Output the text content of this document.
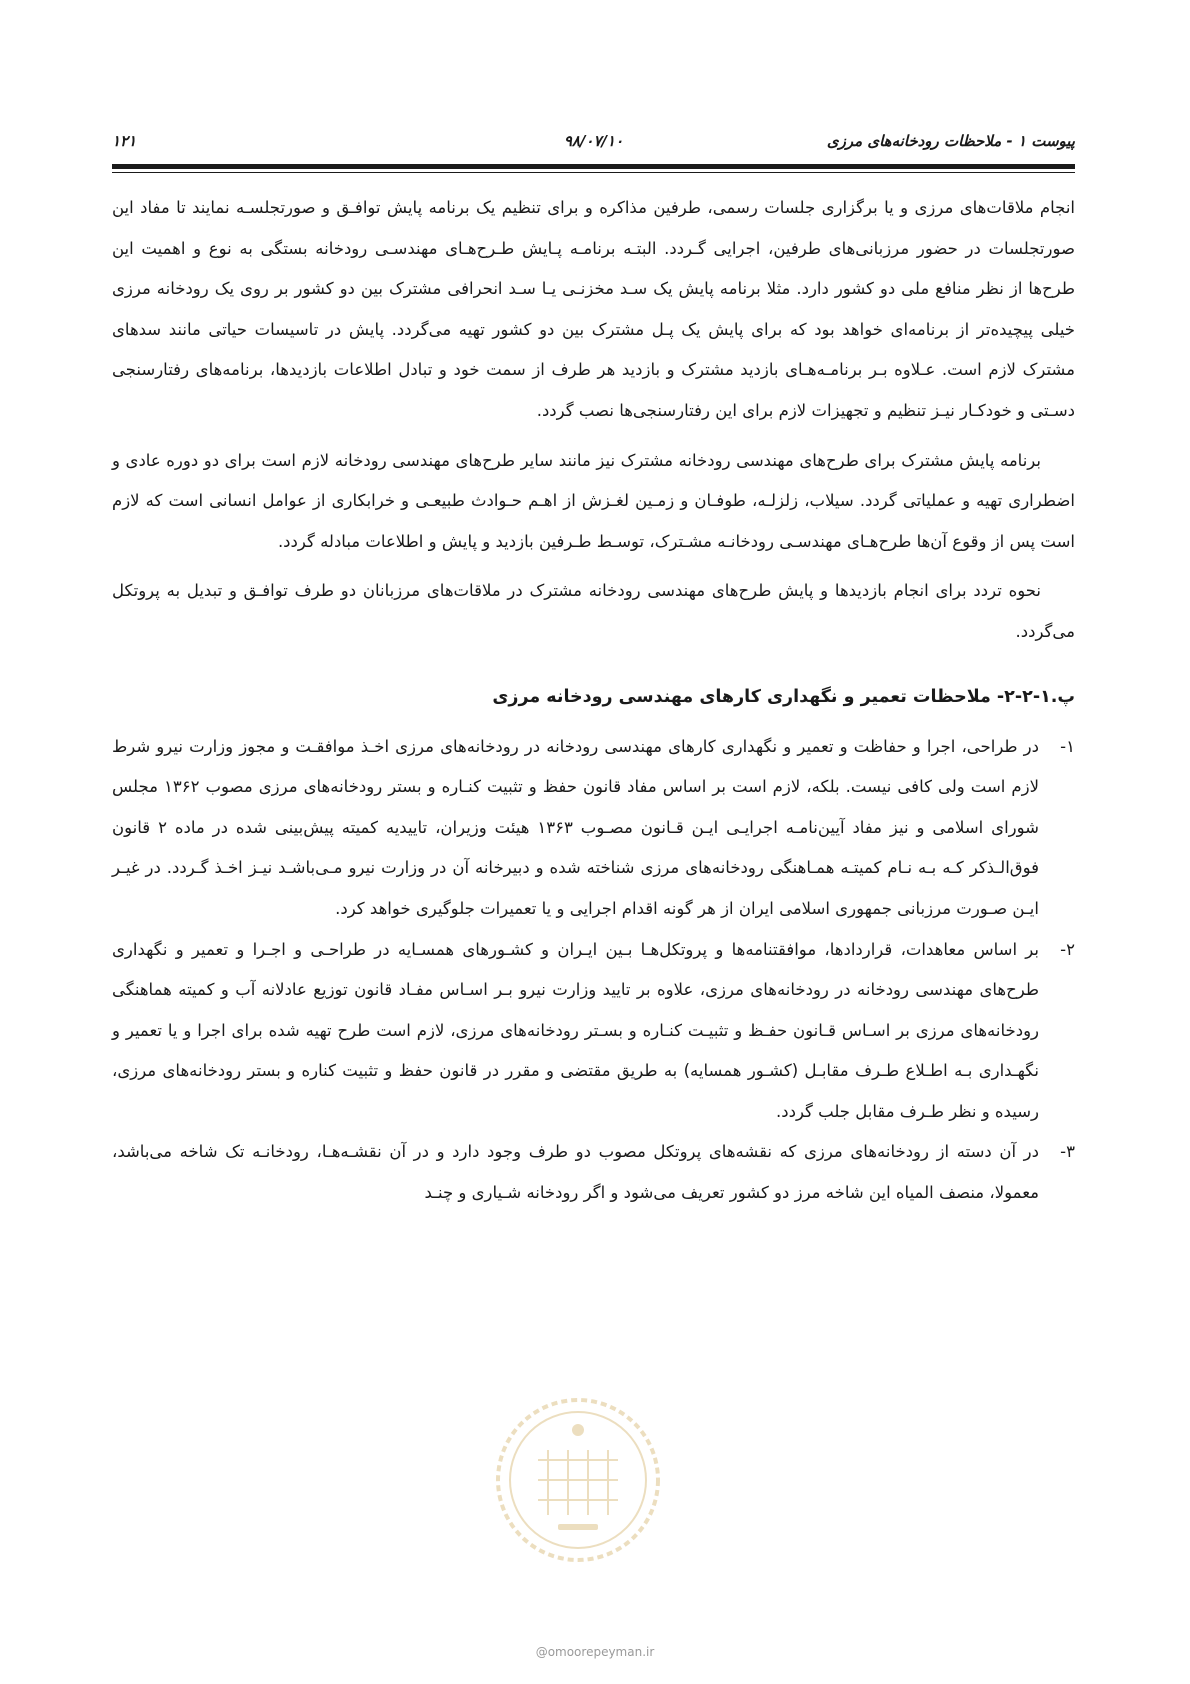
پیوست ۱ - ملاحظات رودخانه‌های مرزی
۹۸/۰۷/۱۰
۱۲۱

انجام ملاقات‌های مرزی و یا برگزاری جلسات رسمی، طرفین مذاکره و برای تنظیم یک برنامه پایش توافـق و صورتجلسـه نمایند تا مفاد این صورتجلسات در حضور مرزبانی‌های طرفین، اجرایی گـردد. البتـه برنامـه پـایش طـرح‌هـای مهندسـی رودخانه بستگی به نوع و اهمیت این طرح‌ها از نظر منافع ملی دو کشور دارد. مثلا برنامه پایش یک سـد مخزنـی یـا سـد انحرافی مشترک بین دو کشور بر روی یک رودخانه مرزی خیلی پیچیده‌تر از برنامه‌ای خواهد بود که برای پایش یک پـل مشترک بین دو کشور تهیه می‌گردد. پایش در تاسیسات حیاتی مانند سدهای مشترک لازم است. عـلاوه بـر برنامـه‌هـای بازدید مشترک و بازدید هر طرف از سمت خود و تبادل اطلاعات بازدیدها، برنامه‌های رفتارسنجی دسـتی و خودکـار نیـز تنظیم و تجهیزات لازم برای این رفتارسنجی‌ها نصب گردد.

برنامه پایش مشترک برای طرح‌های مهندسی رودخانه مشترک نیز مانند سایر طرح‌های مهندسی رودخانه لازم است برای دو دوره عادی و اضطراری تهیه و عملیاتی گردد. سیلاب، زلزلـه، طوفـان و زمـین لغـزش از اهـم حـوادث طبیعـی و خرابکاری از عوامل انسانی است که لازم است پس از وقوع آن‌ها طرح‌هـای مهندسـی رودخانـه مشـترک، توسـط طـرفین بازدید و پایش و اطلاعات مبادله گردد.

نحوه تردد برای انجام بازدیدها و پایش طرح‌های مهندسی رودخانه مشترک در ملاقات‌های مرزبانان دو طرف توافـق و تبدیل به پروتکل می‌گردد.

پ.۱-۲-۲- ملاحظات تعمیر و نگهداری کارهای مهندسی رودخانه مرزی
۱-
در طراحی، اجرا و حفاظت و تعمیر و نگهداری کارهای مهندسی رودخانه در رودخانه‌های مرزی اخـذ موافقـت و مجوز وزارت نیرو شرط لازم است ولی کافی نیست. بلکه، لازم است بر اساس مفاد قانون حفظ و تثبیت کنـاره و بستر رودخانه‌های مرزی مصوب ۱۳۶۲ مجلس شورای اسلامی و نیز مفاد آیین‌نامـه اجرایـی ایـن قـانون مصـوب ۱۳۶۳ هیئت وزیران، تاییدیه کمیته پیش‌بینی شده در ماده ۲ قانون فوق‌الـذکر کـه بـه نـام کمیتـه همـاهنگی رودخانه‌های مرزی شناخته شده و دبیرخانه آن در وزارت نیرو مـی‌باشـد نیـز اخـذ گـردد. در غیـر ایـن صـورت مرزبانی جمهوری اسلامی ایران از هر گونه اقدام اجرایی و یا تعمیرات جلوگیری خواهد کرد.
۲-
بر اساس معاهدات، قراردادها، موافقتنامه‌ها و پروتکل‌هـا بـین ایـران و کشـورهای همسـایه در طراحـی و اجـرا و تعمیر و نگهداری طرح‌های مهندسی رودخانه در رودخانه‌های مرزی، علاوه بر تایید وزارت نیرو بـر اسـاس مفـاد قانون توزیع عادلانه آب و کمیته هماهنگی رودخانه‌های مرزی بر اسـاس قـانون حفـظ و تثبیـت کنـاره و بسـتر رودخانه‌های مرزی، لازم است طرح تهیه شده برای اجرا و یا تعمیر و نگهـداری بـه اطـلاع طـرف مقابـل (کشـور همسایه) به طریق مقتضی و مقرر در قانون حفظ و تثبیت کناره و بستر رودخانه‌های مرزی، رسیده و نظر طـرف مقابل جلب گردد.
۳-
در آن دسته از رودخانه‌های مرزی که نقشه‌های پروتکل مصوب دو طرف وجود دارد و در آن نقشـه‌هـا، رودخانـه تک شاخه می‌باشد، معمولا، منصف المیاه این شاخه مرز دو کشور تعریف می‌شود و اگر رودخانه شـیاری و چنـد
@omoorepeyman.ir
